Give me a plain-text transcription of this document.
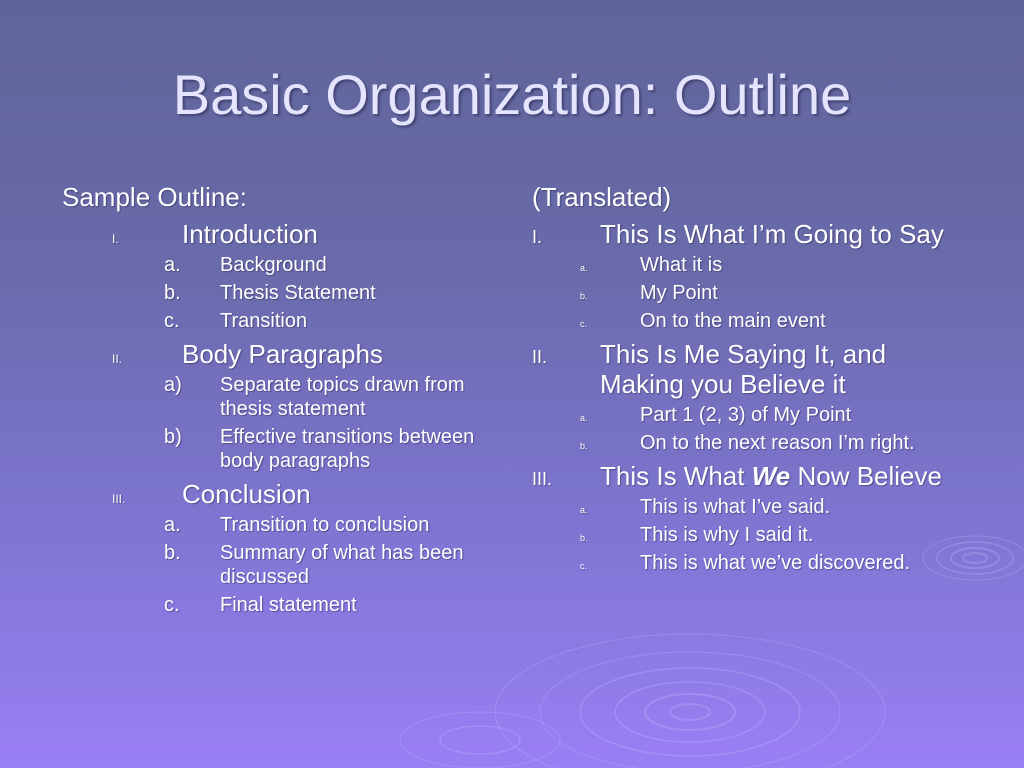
Basic Organization: Outline
Sample Outline:
I.	Introduction
a.	Background
b.	Thesis Statement
c.	Transition
II.	Body Paragraphs
a)	Separate topics drawn from thesis statement
b)	Effective transitions between body paragraphs
III.	Conclusion
a.	Transition to conclusion
b.	Summary of what has been discussed
c.	Final statement
(Translated)
I.	This Is What I’m Going to Say
a.	What it is
b.	My Point
c.	On to the main event
II.	This Is Me Saying It, and Making you Believe it
a.	Part 1 (2, 3) of My Point
b.	On to the next reason I’m right.
III.	This Is What We Now Believe
a.	This is what I’ve said.
b.	This is why I said it.
c.	This is what we’ve discovered.
